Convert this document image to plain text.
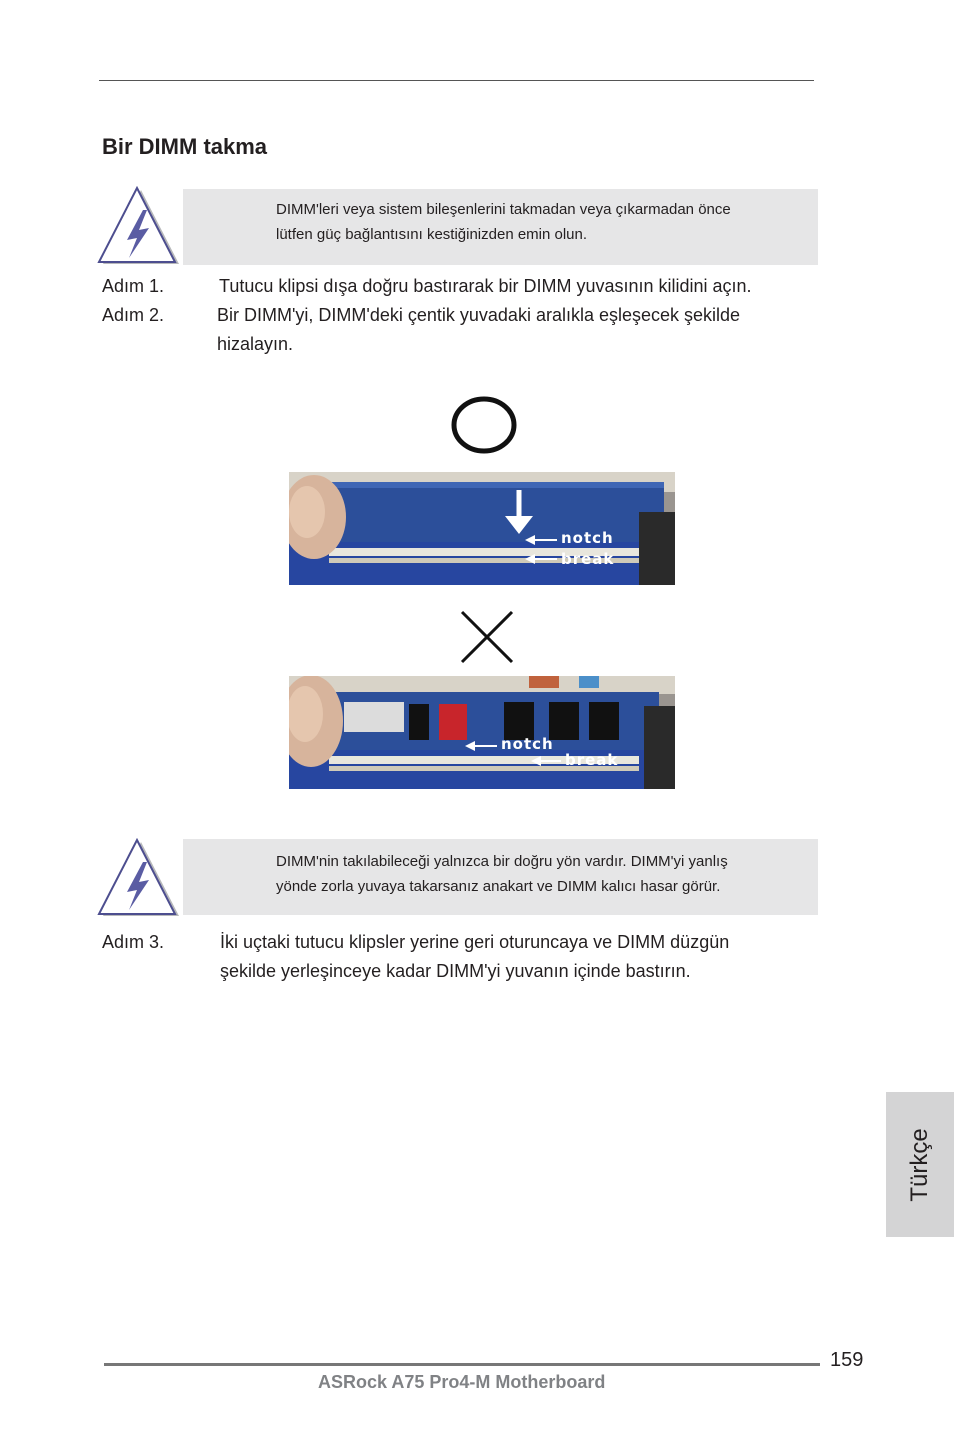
Bir DIMM takma
DIMM'leri veya sistem bileşenlerini takmadan veya çıkarmadan önce
lütfen güç bağlantısını kestiğinizden emin olun.
Adım 1.	Tutucu klipsi dışa doğru bastırarak bir DIMM yuvasının kilidini açın.
Adım 2.	Bir DIMM'yi, DIMM'deki çentik yuvadaki aralıkla eşleşecek şekilde
hizalayın.
notch
break
notch
break
DIMM'nin takılabileceği yalnızca bir doğru yön vardır. DIMM'yi yanlış
yönde zorla yuvaya takarsanız anakart ve DIMM kalıcı hasar görür.
Adım 3.	İki uçtaki tutucu klipsler yerine geri oturuncaya ve DIMM düzgün
şekilde yerleşinceye kadar DIMM'yi yuvanın içinde bastırın.
Türkçe
159
ASRock A75 Pro4-M Motherboard
